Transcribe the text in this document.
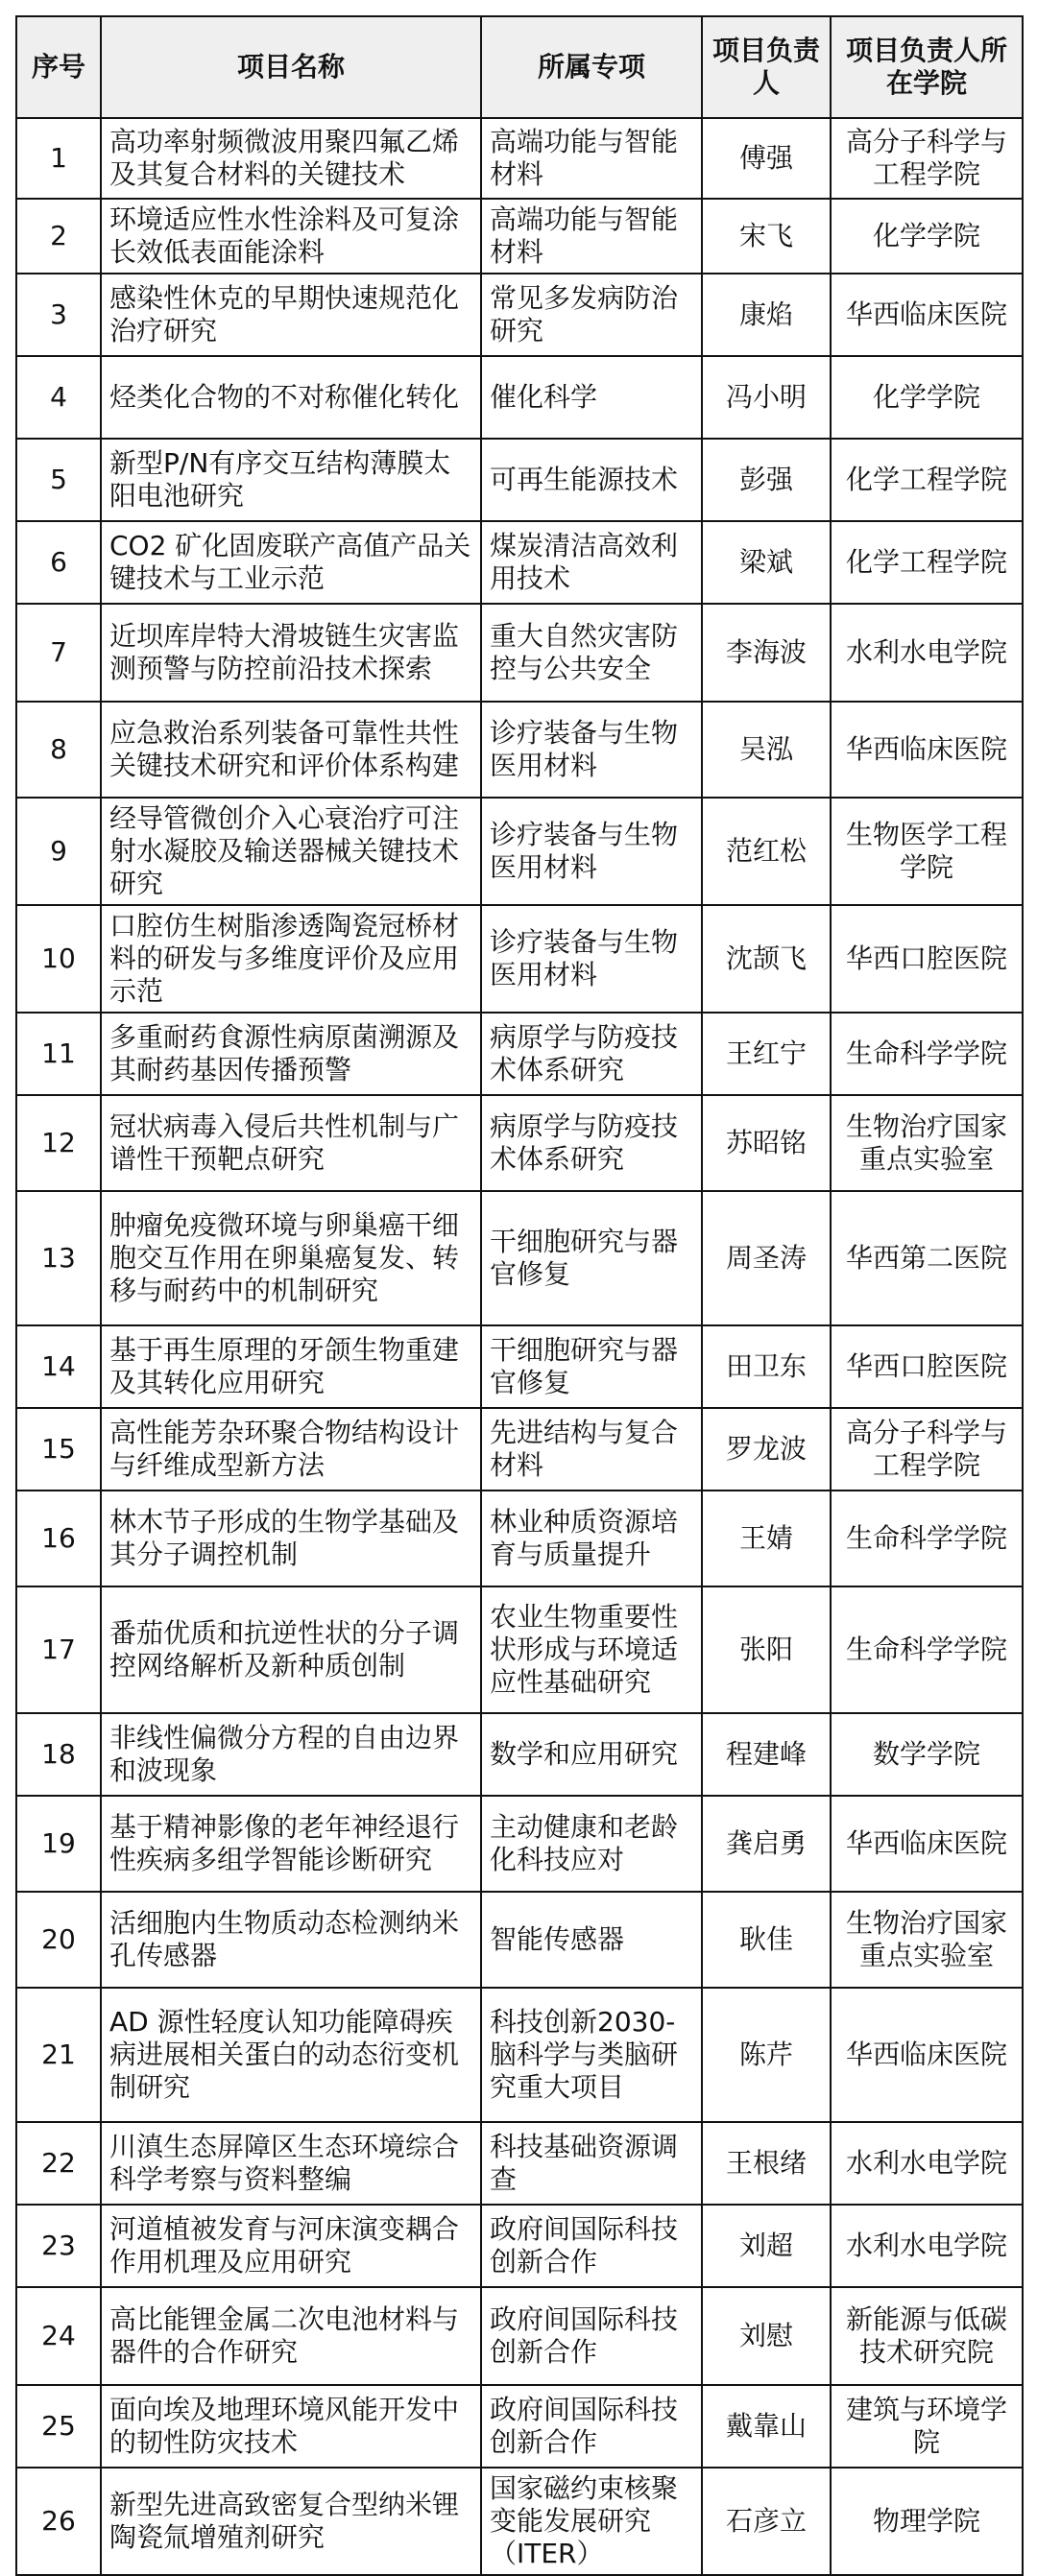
序号	项目名称	所属专项	项目负责人	项目负责人所在学院
1	高功率射频微波用聚四氟乙烯及其复合材料的关键技术	高端功能与智能材料	傅强	高分子科学与工程学院
2	环境适应性水性涂料及可复涂长效低表面能涂料	高端功能与智能材料	宋飞	化学学院
3	感染性休克的早期快速规范化治疗研究	常见多发病防治研究	康焰	华西临床医院
4	烃类化合物的不对称催化转化	催化科学	冯小明	化学学院
5	新型P/N有序交互结构薄膜太阳电池研究	可再生能源技术	彭强	化学工程学院
6	CO2 矿化固废联产高值产品关键技术与工业示范	煤炭清洁高效利用技术	梁斌	化学工程学院
7	近坝库岸特大滑坡链生灾害监测预警与防控前沿技术探索	重大自然灾害防控与公共安全	李海波	水利水电学院
8	应急救治系列装备可靠性共性关键技术研究和评价体系构建	诊疗装备与生物医用材料	吴泓	华西临床医院
9	经导管微创介入心衰治疗可注射水凝胶及输送器械关键技术研究	诊疗装备与生物医用材料	范红松	生物医学工程学院
10	口腔仿生树脂渗透陶瓷冠桥材料的研发与多维度评价及应用示范	诊疗装备与生物医用材料	沈颉飞	华西口腔医院
11	多重耐药食源性病原菌溯源及其耐药基因传播预警	病原学与防疫技术体系研究	王红宁	生命科学学院
12	冠状病毒入侵后共性机制与广谱性干预靶点研究	病原学与防疫技术体系研究	苏昭铭	生物治疗国家重点实验室
13	肿瘤免疫微环境与卵巢癌干细胞交互作用在卵巢癌复发、转移与耐药中的机制研究	干细胞研究与器官修复	周圣涛	华西第二医院
14	基于再生原理的牙颌生物重建及其转化应用研究	干细胞研究与器官修复	田卫东	华西口腔医院
15	高性能芳杂环聚合物结构设计与纤维成型新方法	先进结构与复合材料	罗龙波	高分子科学与工程学院
16	林木节子形成的生物学基础及其分子调控机制	林业种质资源培育与质量提升	王婧	生命科学学院
17	番茄优质和抗逆性状的分子调控网络解析及新种质创制	农业生物重要性状形成与环境适应性基础研究	张阳	生命科学学院
18	非线性偏微分方程的自由边界和波现象	数学和应用研究	程建峰	数学学院
19	基于精神影像的老年神经退行性疾病多组学智能诊断研究	主动健康和老龄化科技应对	龚启勇	华西临床医院
20	活细胞内生物质动态检测纳米孔传感器	智能传感器	耿佳	生物治疗国家重点实验室
21	AD 源性轻度认知功能障碍疾病进展相关蛋白的动态衍变机制研究	科技创新2030-脑科学与类脑研究重大项目	陈芹	华西临床医院
22	川滇生态屏障区生态环境综合科学考察与资料整编	科技基础资源调查	王根绪	水利水电学院
23	河道植被发育与河床演变耦合作用机理及应用研究	政府间国际科技创新合作	刘超	水利水电学院
24	高比能锂金属二次电池材料与器件的合作研究	政府间国际科技创新合作	刘慰	新能源与低碳技术研究院
25	面向埃及地理环境风能开发中的韧性防灾技术	政府间国际科技创新合作	戴靠山	建筑与环境学院
26	新型先进高致密复合型纳米锂陶瓷氚增殖剂研究	国家磁约束核聚变能发展研究（ITER）	石彦立	物理学院
